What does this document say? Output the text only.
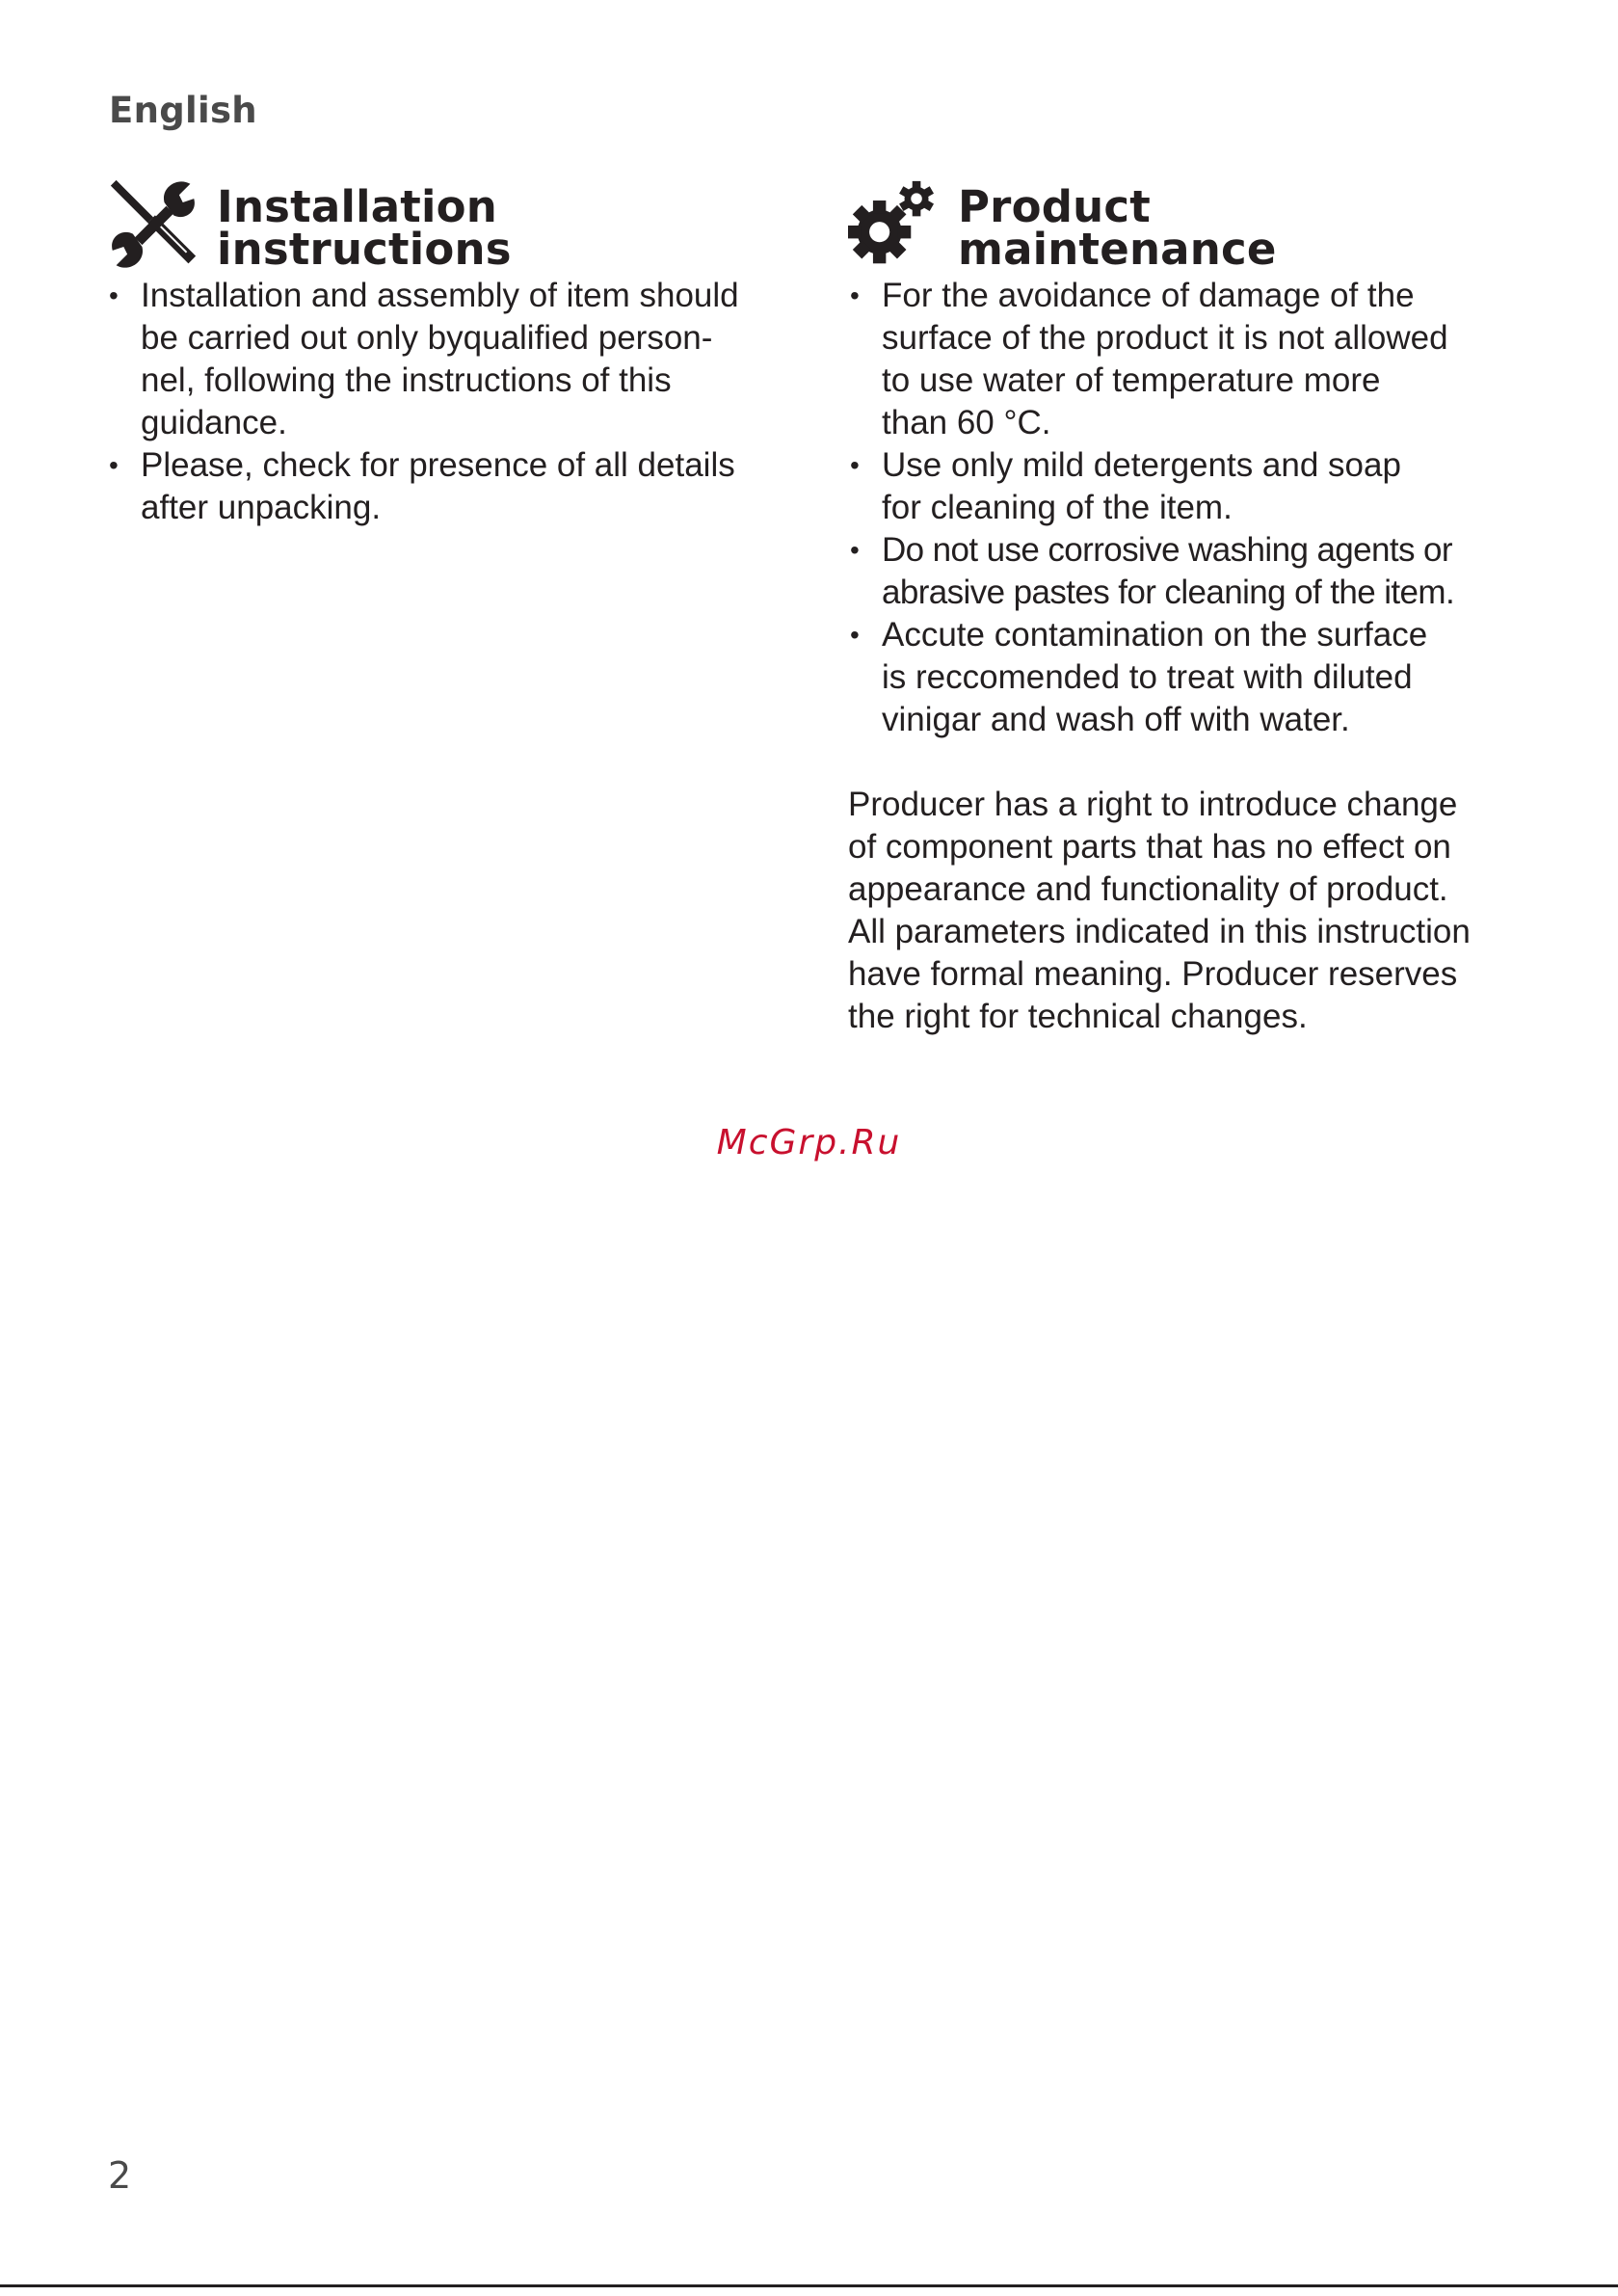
English
Installation
instructions
• Installation and assembly of item should
be carried out only byqualified person-
nel, following the instructions of this
guidance.
• Please, check for presence of all details
after unpacking.
Product
maintenance
• For the avoidance of damage of the
surface of the product it is not allowed
to use water of temperature more
than 60 °C.
• Use only mild detergents and soap
for cleaning of the item.
• Do not use corrosive washing agents or
abrasive pastes for cleaning of the item.
• Accute contamination on the surface
is reccomended to treat with diluted
vinigar and wash off with water.
Producer has a right to introduce change
of component parts that has no effect on
appearance and functionality of product.
All parameters indicated in this instruction
have formal meaning. Producer reserves
the right for technical changes.
McGrp.Ru
2
